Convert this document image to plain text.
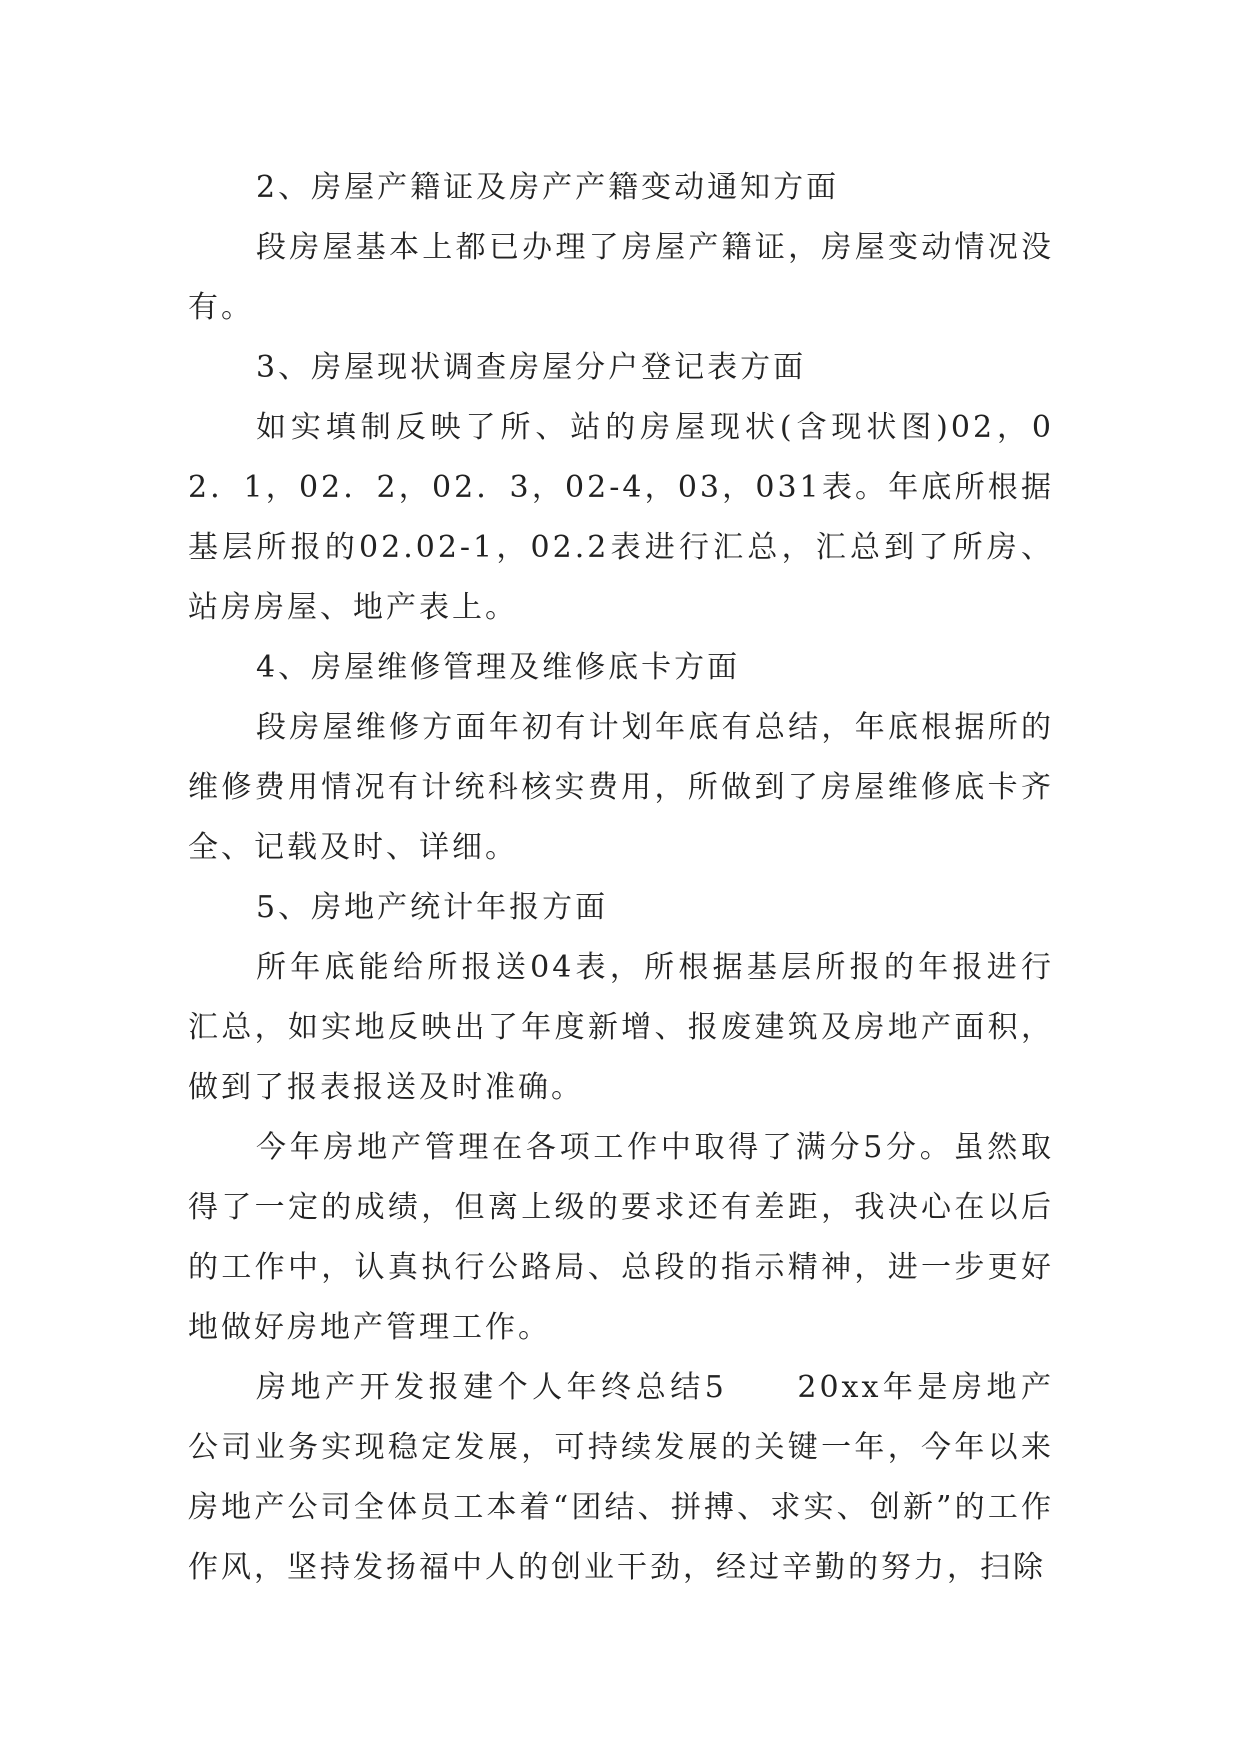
2、房屋产籍证及房产产籍变动通知方面

段房屋基本上都已办理了房屋产籍证，房屋变动情况没有。

3、房屋现状调查房屋分户登记表方面

如实填制反映了所、站的房屋现状(含现状图)02，02．1，02．2，02．3，02-4，03，031表。年底所根据基层所报的02.02-1，02.2表进行汇总，汇总到了所房、站房房屋、地产表上。

4、房屋维修管理及维修底卡方面

段房屋维修方面年初有计划年底有总结，年底根据所的维修费用情况有计统科核实费用，所做到了房屋维修底卡齐全、记载及时、详细。

5、房地产统计年报方面

所年底能给所报送04表，所根据基层所报的年报进行汇总，如实地反映出了年度新增、报废建筑及房地产面积，做到了报表报送及时准确。

今年房地产管理在各项工作中取得了满分5分。虽然取得了一定的成绩，但离上级的要求还有差距，我决心在以后的工作中，认真执行公路局、总段的指示精神，进一步更好地做好房地产管理工作。

房地产开发报建个人年终总结5　　20xx年是房地产公司业务实现稳定发展，可持续发展的关键一年，今年以来房地产公司全体员工本着“团结、拼搏、求实、创新”的工作作风，坚持发扬福中人的创业干劲，经过辛勤的努力，扫除
